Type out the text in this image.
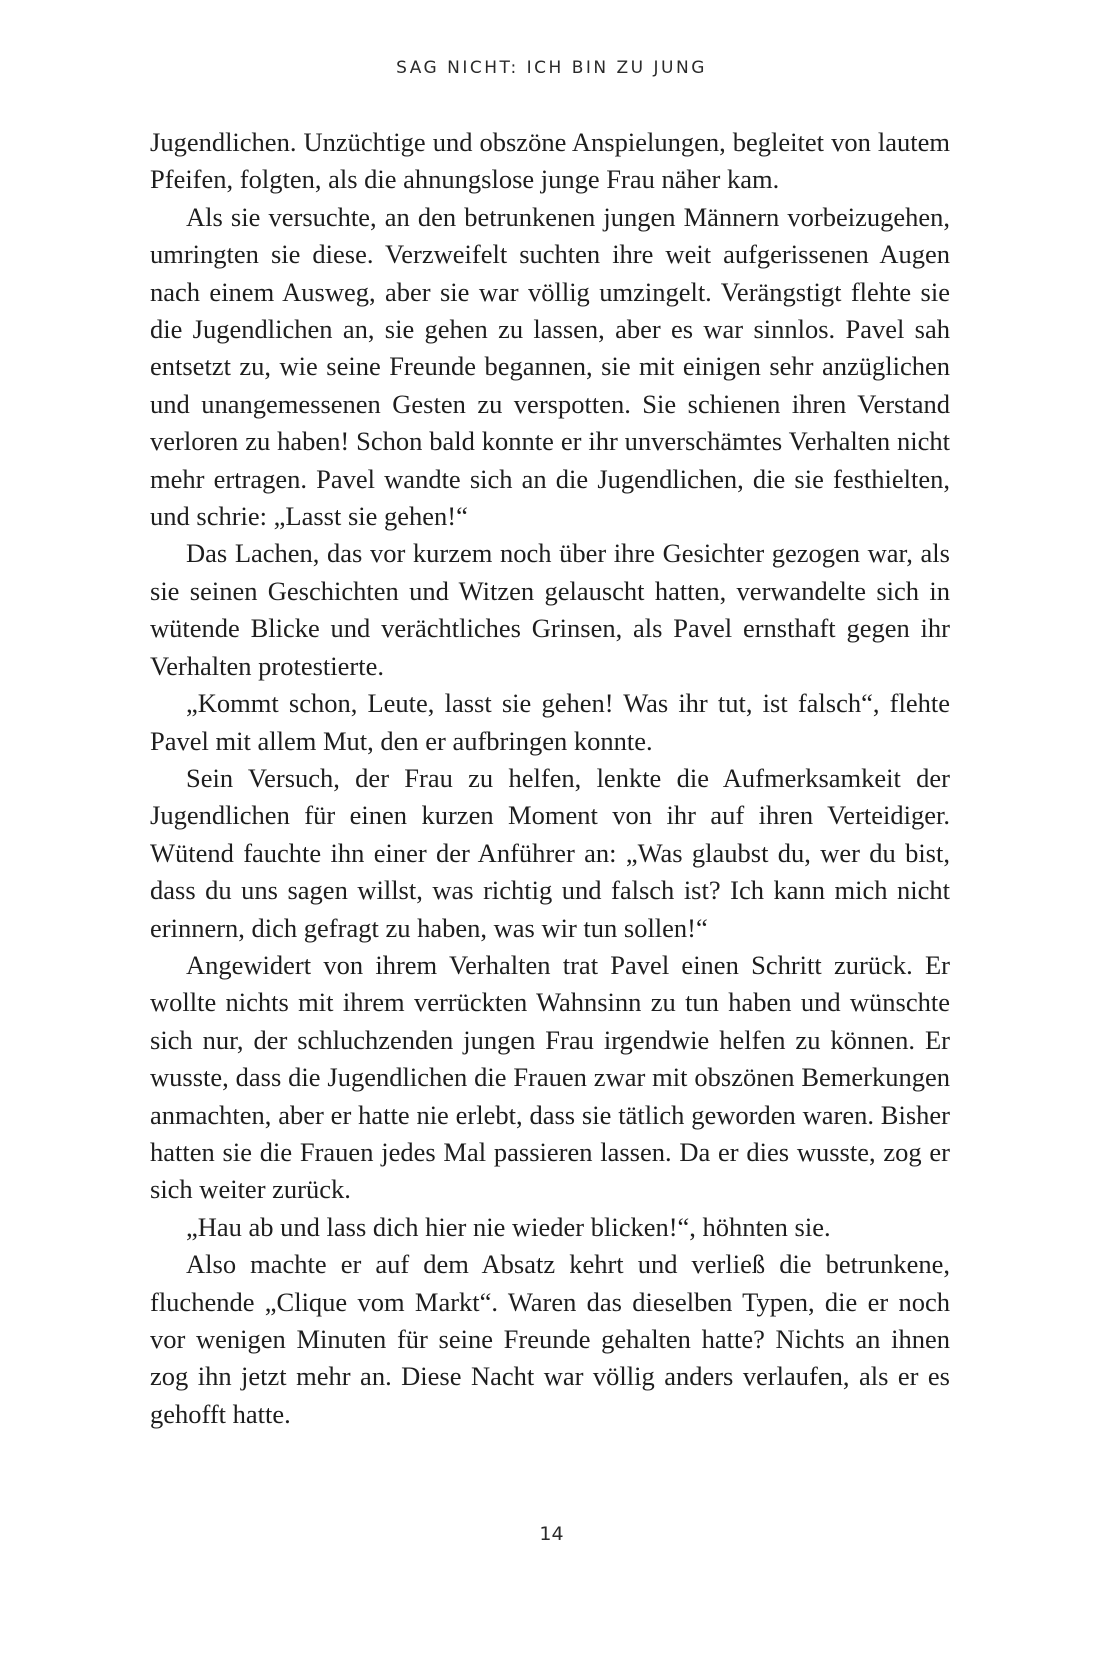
SAG NICHT: ICH BIN ZU JUNG

Jugendlichen. Unzüchtige und obszöne Anspielungen, begleitet von lautem Pfeifen, folgten, als die ahnungslose junge Frau näher kam.

Als sie versuchte, an den betrunkenen jungen Männern vorbeizugehen, umringten sie diese. Verzweifelt suchten ihre weit aufgerissenen Augen nach einem Ausweg, aber sie war völlig umzingelt. Verängstigt flehte sie die Jugendlichen an, sie gehen zu lassen, aber es war sinnlos. Pavel sah entsetzt zu, wie seine Freunde begannen, sie mit einigen sehr anzüglichen und unangemessenen Gesten zu verspotten. Sie schienen ihren Verstand verloren zu haben! Schon bald konnte er ihr unverschämtes Verhalten nicht mehr ertragen. Pavel wandte sich an die Jugendlichen, die sie festhielten, und schrie: „Lasst sie gehen!“

Das Lachen, das vor kurzem noch über ihre Gesichter gezogen war, als sie seinen Geschichten und Witzen gelauscht hatten, verwandelte sich in wütende Blicke und verächtliches Grinsen, als Pavel ernsthaft gegen ihr Verhalten protestierte.

„Kommt schon, Leute, lasst sie gehen! Was ihr tut, ist falsch“, flehte Pavel mit allem Mut, den er aufbringen konnte.

Sein Versuch, der Frau zu helfen, lenkte die Aufmerksamkeit der Jugendlichen für einen kurzen Moment von ihr auf ihren Verteidiger. Wütend fauchte ihn einer der Anführer an: „Was glaubst du, wer du bist, dass du uns sagen willst, was richtig und falsch ist? Ich kann mich nicht erinnern, dich gefragt zu haben, was wir tun sollen!“

Angewidert von ihrem Verhalten trat Pavel einen Schritt zurück. Er wollte nichts mit ihrem verrückten Wahnsinn zu tun haben und wünschte sich nur, der schluchzenden jungen Frau irgendwie helfen zu können. Er wusste, dass die Jugendlichen die Frauen zwar mit obszönen Bemerkungen anmachten, aber er hatte nie erlebt, dass sie tätlich geworden waren. Bisher hatten sie die Frauen jedes Mal passieren lassen. Da er dies wusste, zog er sich weiter zurück.

„Hau ab und lass dich hier nie wieder blicken!“, höhnten sie.

Also machte er auf dem Absatz kehrt und verließ die betrunkene, fluchende „Clique vom Markt“. Waren das dieselben Typen, die er noch vor wenigen Minuten für seine Freunde gehalten hatte? Nichts an ihnen zog ihn jetzt mehr an. Diese Nacht war völlig anders verlaufen, als er es gehofft hatte.

14
